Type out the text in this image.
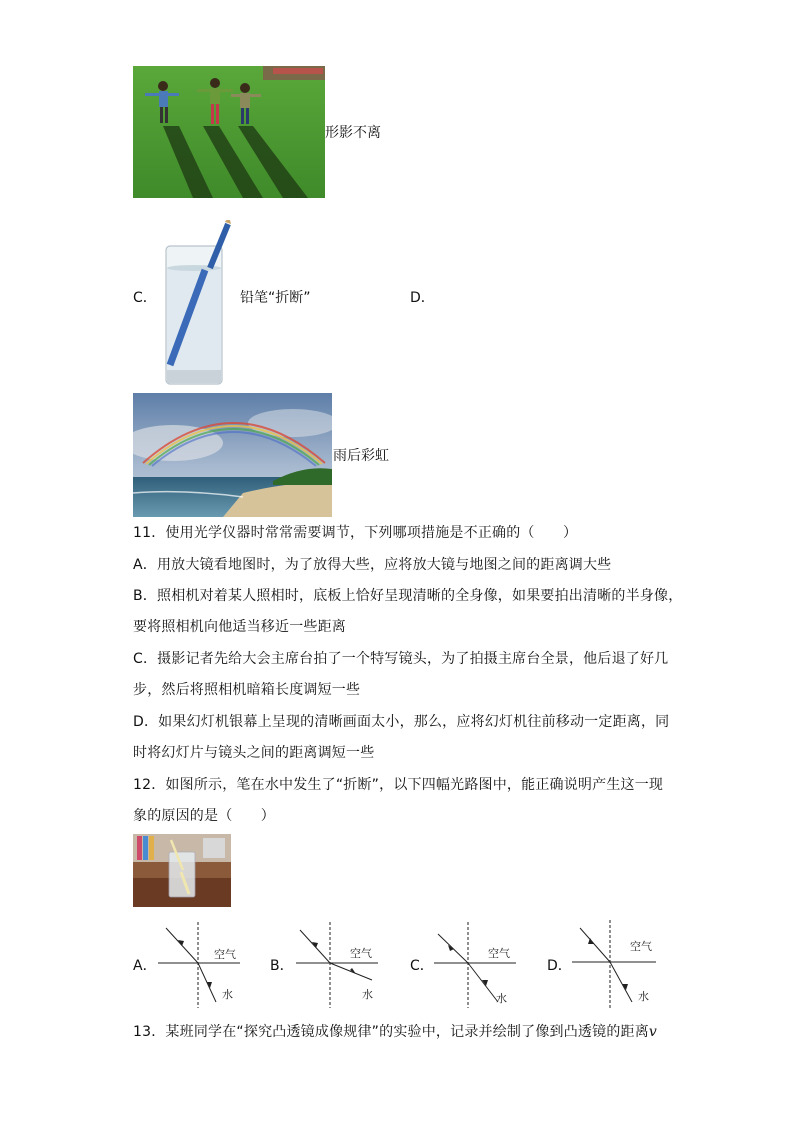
形影不离
C．	铅笔“折断”	D．
雨后彩虹
11．使用光学仪器时常常需要调节，下列哪项措施是不正确的（　　）
A．用放大镜看地图时，为了放得大些，应将放大镜与地图之间的距离调大些
B．照相机对着某人照相时，底板上恰好呈现清晰的全身像，如果要拍出清晰的半身像，
要将照相机向他适当移近一些距离
C．摄影记者先给大会主席台拍了一个特写镜头，为了拍摄主席台全景，他后退了好几
步，然后将照相机暗箱长度调短一些
D．如果幻灯机银幕上呈现的清晰画面太小，那么，应将幻灯机往前移动一定距离，同
时将幻灯片与镜头之间的距离调短一些
12．如图所示，笔在水中发生了“折断”，以下四幅光路图中，能正确说明产生这一现
象的原因的是（　　）
A．
空气
水
B．
空气
水
C．
空气
水
D．
空气
水
13．某班同学在“探究凸透镜成像规律”的实验中，记录并绘制了像到凸透镜的距离v
